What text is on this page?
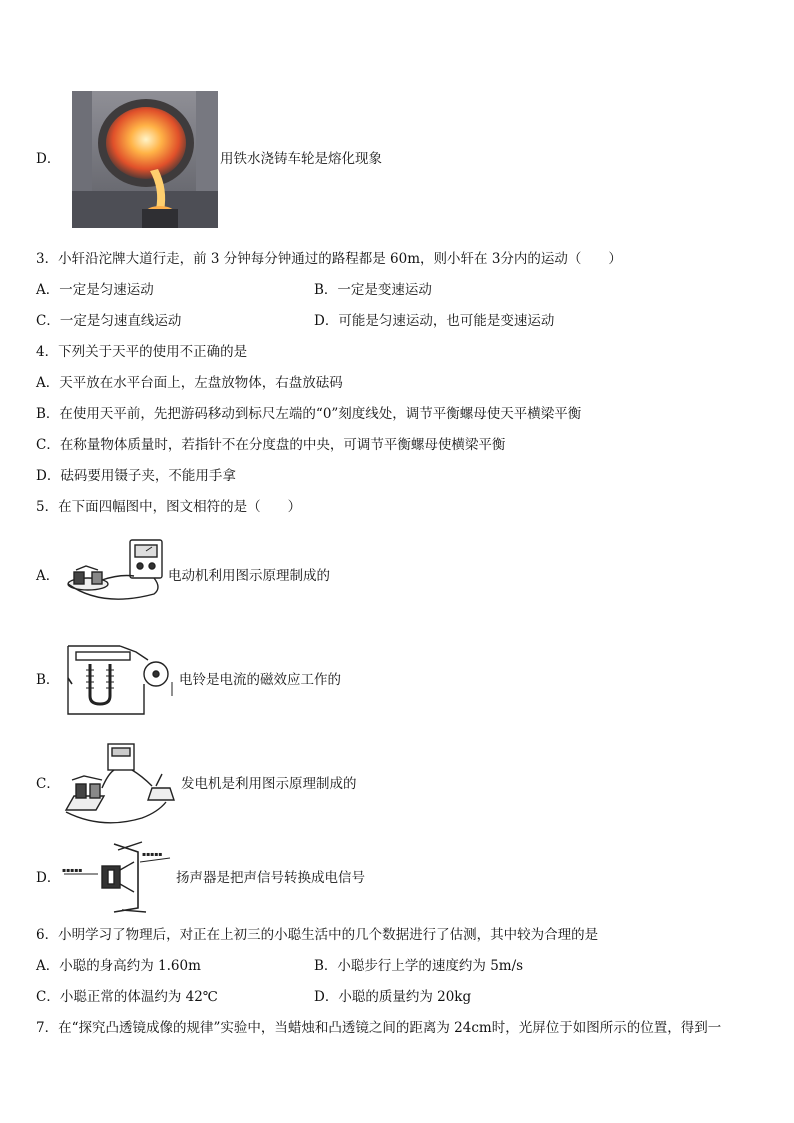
D．	用铁水浇铸车轮是熔化现象
3．小轩沿沱牌大道行走，前 3 分钟每分钟通过的路程都是 60m，则小轩在 3分内的运动（　　）
A．一定是匀速运动	B．一定是变速运动
C．一定是匀速直线运动	D．可能是匀速运动，也可能是变速运动
4．下列关于天平的使用不正确的是
A．天平放在水平台面上，左盘放物体，右盘放砝码
B．在使用天平前，先把游码移动到标尺左端的“0”刻度线处，调节平衡螺母使天平横梁平衡
C．在称量物体质量时，若指针不在分度盘的中央，可调节平衡螺母使横梁平衡
D．砝码要用镊子夹，不能用手拿
5．在下面四幅图中，图文相符的是（　　）
A．	电动机利用图示原理制成的
B．	电铃是电流的磁效应工作的
C．	发电机是利用图示原理制成的
D． ▪▪▪▪▪
▪▪▪▪▪
扬声器是把声信号转换成电信号
6．小明学习了物理后，对正在上初三的小聪生活中的几个数据进行了估测，其中较为合理的是
A．小聪的身高约为 1.60m	B．小聪步行上学的速度约为 5m/s
C．小聪正常的体温约为 42℃	D．小聪的质量约为 20kg
7．在“探究凸透镜成像的规律”实验中，当蜡烛和凸透镜之间的距离为 24cm时，光屏位于如图所示的位置，得到一
